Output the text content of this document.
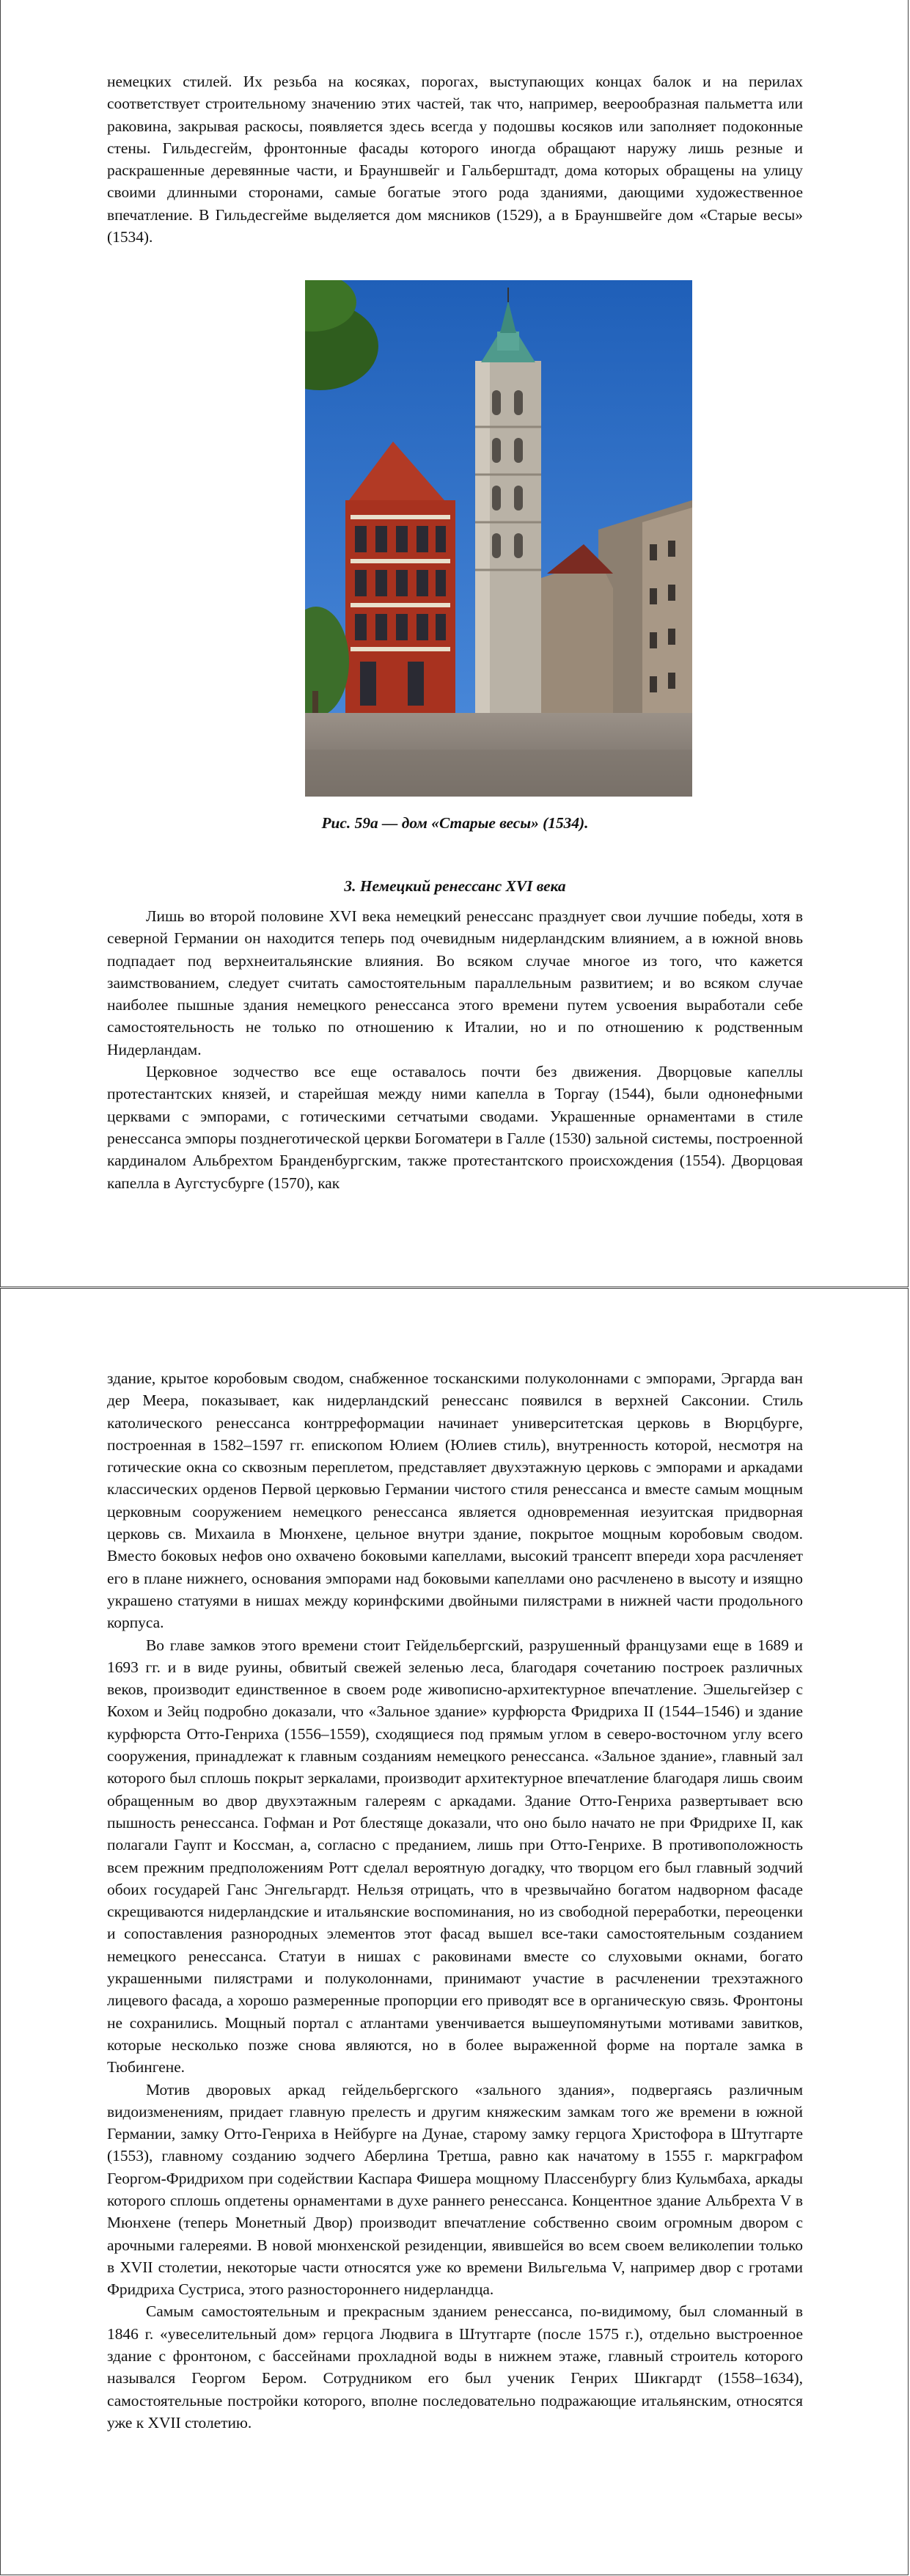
немецких стилей. Их резьба на косяках, порогах, выступающих концах балок и на перилах соответствует строительному значению этих частей, так что, например, веерообразная пальметта или раковина, закрывая раскосы, появляется здесь всегда у подошвы косяков или заполняет подоконные стены. Гильдесгейм, фронтонные фасады которого иногда обращают наружу лишь резные и раскрашенные деревянные части, и Брауншвейг и Гальберштадт, дома которых обращены на улицу своими длинными сторонами, самые богатые этого рода зданиями, дающими художественное впечатление. В Гильдесгейме выделяется дом мясников (1529), а в Брауншвейге дом «Старые весы» (1534).

Рис. 59а — дом «Старые весы» (1534).
3. Немецкий ренессанс XVI века

Лишь во второй половине XVI века немецкий ренессанс празднует свои лучшие победы, хотя в северной Германии он находится теперь под очевидным нидерландским влиянием, а в южной вновь подпадает под верхнеитальянские влияния. Во всяком случае многое из того, что кажется заимствованием, следует считать самостоятельным параллельным развитием; и во всяком случае наиболее пышные здания немецкого ренессанса этого времени путем усвоения выработали себе самостоятельность не только по отношению к Италии, но и по отношению к родственным Нидерландам.

Церковное зодчество все еще оставалось почти без движения. Дворцовые капеллы протестантских князей, и старейшая между ними капелла в Торгау (1544), были однонефными церквами с эмпорами, с готическими сетчатыми сводами. Украшенные орнаментами в стиле ренессанса эмпоры позднеготической церкви Богоматери в Галле (1530) зальной системы, построенной кардиналом Альбрехтом Бранденбургским, также протестантского происхождения (1554). Дворцовая капелла в Аугстусбурге (1570), как

здание, крытое коробовым сводом, снабженное тосканскими полуколоннами с эмпорами, Эргарда ван дер Меера, показывает, как нидерландский ренессанс появился в верхней Саксонии. Стиль католического ренессанса контрреформации начинает университетская церковь в Вюрцбурге, построенная в 1582–1597 гг. епископом Юлием (Юлиев стиль), внутренность которой, несмотря на готические окна со сквозным переплетом, представляет двухэтажную церковь с эмпорами и аркадами классических орденов Первой церковью Германии чистого стиля ренессанса и вместе самым мощным церковным сооружением немецкого ренессанса является одновременная иезуитская придворная церковь св. Михаила в Мюнхене, цельное внутри здание, покрытое мощным коробовым сводом. Вместо боковых нефов оно охвачено боковыми капеллами, высокий трансепт впереди хора расчленяет его в плане нижнего, основания эмпорами над боковыми капеллами оно расчленено в высоту и изящно украшено статуями в нишах между коринфскими двойными пилястрами в нижней части продольного корпуса.

Во главе замков этого времени стоит Гейдельбергский, разрушенный французами еще в 1689 и 1693 гг. и в виде руины, обвитый свежей зеленью леса, благодаря сочетанию построек различных веков, производит единственное в своем роде живописно-архитектурное впечатление. Эшельгейзер с Кохом и Зейц подробно доказали, что «Зальное здание» курфюрста Фридриха II (1544–1546) и здание курфюрста Отто-Генриха (1556–1559), сходящиеся под прямым углом в северо-восточном углу всего сооружения, принадлежат к главным созданиям немецкого ренессанса. «Зальное здание», главный зал которого был сплошь покрыт зеркалами, производит архитектурное впечатление благодаря лишь своим обращенным во двор двухэтажным галереям с аркадами. Здание Отто-Генриха развертывает всю пышность ренессанса. Гофман и Рот блестяще доказали, что оно было начато не при Фридрихе II, как полагали Гаупт и Коссман, а, согласно с преданием, лишь при Отто-Генрихе. В противоположность всем прежним предположениям Ротт сделал вероятную догадку, что творцом его был главный зодчий обоих государей Ганс Энгельгардт. Нельзя отрицать, что в чрезвычайно богатом надворном фасаде скрещиваются нидерландские и итальянские воспоминания, но из свободной переработки, переоценки и сопоставления разнородных элементов этот фасад вышел все-таки самостоятельным созданием немецкого ренессанса. Статуи в нишах с раковинами вместе со слуховыми окнами, богато украшенными пилястрами и полуколоннами, принимают участие в расчленении трехэтажного лицевого фасада, а хорошо размеренные пропорции его приводят все в органическую связь. Фронтоны не сохранились. Мощный портал с атлантами увенчивается вышеупомянутыми мотивами завитков, которые несколько позже снова являются, но в более выраженной форме на портале замка в Тюбингене.

Мотив дворовых аркад гейдельбергского «зального здания», подвергаясь различным видоизменениям, придает главную прелесть и другим княжеским замкам того же времени в южной Германии, замку Отто-Генриха в Нейбурге на Дунае, старому замку герцога Христофора в Штутгарте (1553), главному созданию зодчего Аберлина Третша, равно как начатому в 1555 г. маркграфом Георгом-Фридрихом при содействии Каспара Фишера мощному Плассенбургу близ Кульмбаха, аркады которого сплошь опдетены орнаментами в духе раннего ренессанса. Концентное здание Альбрехта V в Мюнхене (теперь Монетный Двор) производит впечатление собственно своим огромным двором с арочными галереями. В новой мюнхенской резиденции, явившейся во всем своем великолепии только в XVII столетии, некоторые части относятся уже ко времени Вильгельма V, например двор с гротами Фридриха Сустриса, этого разностороннего нидерландца.

Самым самостоятельным и прекрасным зданием ренессанса, по-видимому, был сломанный в 1846 г. «увеселительный дом» герцога Людвига в Штутгарте (после 1575 г.), отдельно выстроенное здание с фронтоном, с бассейнами прохладной воды в нижнем этаже, главный строитель которого назывался Георгом Бером. Сотрудником его был ученик Генрих Шикгардт (1558–1634), самостоятельные постройки которого, вполне последовательно подражающие итальянским, относятся уже к XVII столетию.
